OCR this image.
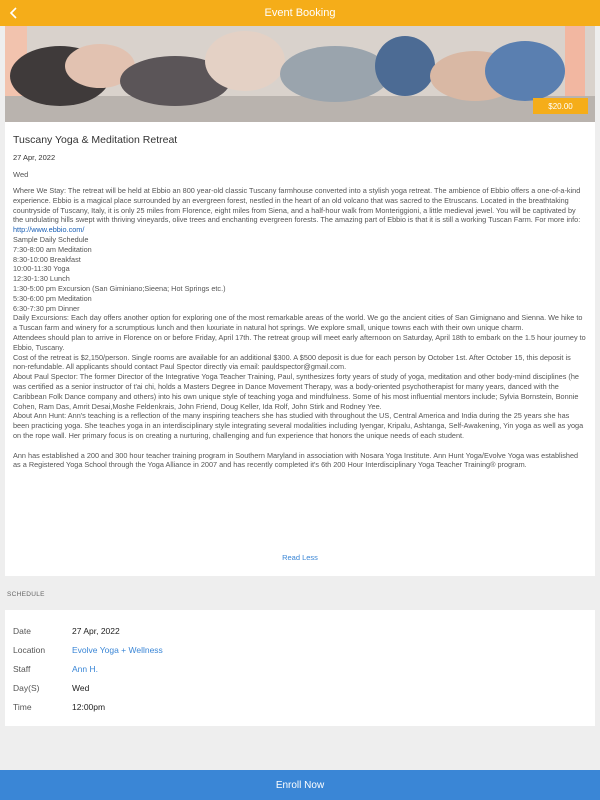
Event Booking
$20.00
Tuscany Yoga & Meditation Retreat
27 Apr, 2022
Wed

Where We Stay: The retreat will be held at Ebbio an 800 year-old classic Tuscany farmhouse converted into a stylish yoga retreat. The ambience of Ebbio offers a one-of-a-kind experience. Ebbio is a magical place surrounded by an evergreen forest, nestled in the heart of an old volcano that was sacred to the Etruscans. Located in the breathtaking countryside of Tuscany, Italy, it is only 25 miles from Florence, eight miles from Siena, and a half-hour walk from Monteriggioni, a little medieval jewel. You will be captivated by the undulating hills swept with thriving vineyards, olive trees and enchanting evergreen forests. The amazing part of Ebbio is that it is still a working Tuscan Farm. For more info:

http://www.ebbio.com/

Sample Daily Schedule

7:30-8:00 am Meditation

8:30-10:00 Breakfast

10:00-11:30 Yoga

12:30-1:30 Lunch

1:30-5:00 pm Excursion (San Giminiano;Sieena; Hot Springs etc.)

5:30-6:00 pm Meditation

6:30-7:30 pm Dinner

Daily Excursions: Each day offers another option for exploring one of the most remarkable areas of the world. We go the ancient cities of San Gimignano and Sienna. We hike to a Tuscan farm and winery for a scrumptious lunch and then luxuriate in natural hot springs. We explore small, unique towns each with their own unique charm.

Attendees should plan to arrive in Florence on or before Friday, April 17th. The retreat group will meet early afternoon on Saturday, April 18th to embark on the 1.5 hour journey to Ebbio, Tuscany.

Cost of the retreat is $2,150/person. Single rooms are available for an additional $300. A $500 deposit is due for each person by October 1st. After October 15, this deposit is non-refundable. All applicants should contact Paul Spector directly via email: pauldspector@gmail.com.

About Paul Spector: The former Director of the Integrative Yoga Teacher Training, Paul, synthesizes forty years of study of yoga, meditation and other body-mind disciplines (he was certified as a senior instructor of t'ai chi, holds a Masters Degree in Dance Movement Therapy, was a body-oriented psychotherapist for many years, danced with the Caribbean Folk Dance company and others) into his own unique style of teaching yoga and mindfulness. Some of his most influential mentors include; Sylvia Bornstein, Bonnie Cohen, Ram Das, Amrit Desai,Moshe Feldenkrais, John Friend, Doug Keller, Ida Rolf, John Stirk and Rodney Yee.

About Ann Hunt: Ann's teaching is a reflection of the many inspiring teachers she has studied with throughout the US, Central America and India during the 25 years she has been practicing yoga. She teaches yoga in an interdisciplinary style integrating several modalities including Iyengar, Kripalu, Ashtanga, Self-Awakening, Yin yoga as well as yoga on the rope wall. Her primary focus is on creating a nurturing, challenging and fun experience that honors the unique needs of each student.

Ann has established a 200 and 300 hour teacher training program in Southern Maryland in association with Nosara Yoga Institute. Ann Hunt Yoga/Evolve Yoga was established as a Registered Yoga School through the Yoga Alliance in 2007 and has recently completed it's 6th 200 Hour Interdisciplinary Yoga Teacher Training® program.

Read Less
SCHEDULE
Date	27 Apr, 2022
Location	Evolve Yoga + Wellness
Staff	Ann H.
Day(S)	Wed
Time	12:00pm
Enroll Now
